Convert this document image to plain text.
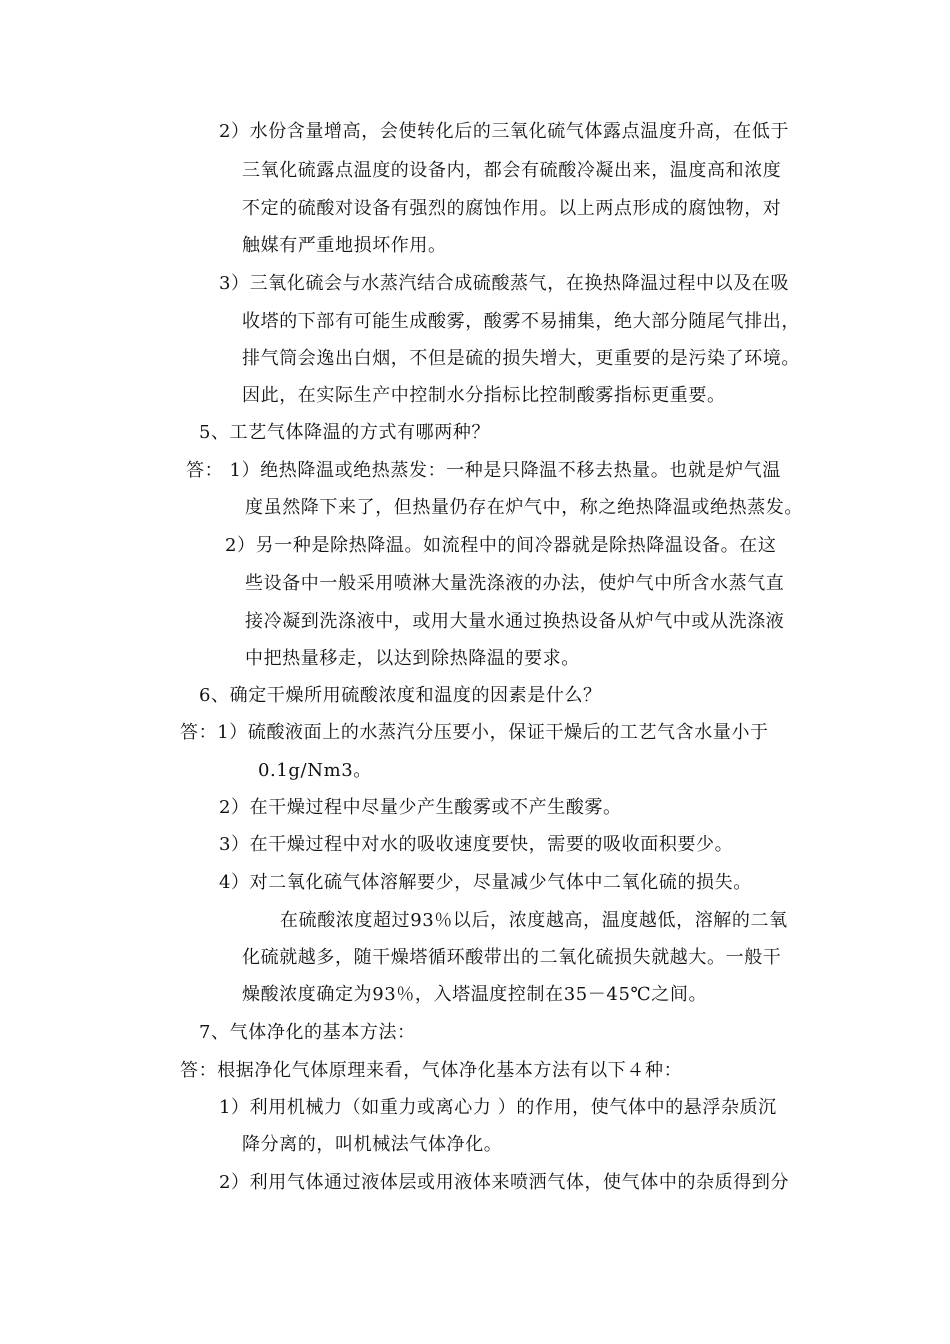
2）水份含量增高，会使转化后的三氧化硫气体露点温度升高，在低于
三氧化硫露点温度的设备内，都会有硫酸冷凝出来，温度高和浓度
不定的硫酸对设备有强烈的腐蚀作用。以上两点形成的腐蚀物，对
触媒有严重地损坏作用。
3）三氧化硫会与水蒸汽结合成硫酸蒸气，在换热降温过程中以及在吸
收塔的下部有可能生成酸雾，酸雾不易捕集，绝大部分随尾气排出，
排气筒会逸出白烟，不但是硫的损失增大，更重要的是污染了环境。
因此，在实际生产中控制水分指标比控制酸雾指标更重要。
5、工艺气体降温的方式有哪两种？
答： 1）绝热降温或绝热蒸发：一种是只降温不移去热量。也就是炉气温
度虽然降下来了，但热量仍存在炉气中，称之绝热降温或绝热蒸发。
2）另一种是除热降温。如流程中的间冷器就是除热降温设备。在这
些设备中一般采用喷淋大量洗涤液的办法，使炉气中所含水蒸气直
接冷凝到洗涤液中，或用大量水通过换热设备从炉气中或从洗涤液
中把热量移走，以达到除热降温的要求。
6、确定干燥所用硫酸浓度和温度的因素是什么？
答：1）硫酸液面上的水蒸汽分压要小，保证干燥后的工艺气含水量小于
0.1g/Nm3。
2）在干燥过程中尽量少产生酸雾或不产生酸雾。
3）在干燥过程中对水的吸收速度要快，需要的吸收面积要少。
4）对二氧化硫气体溶解要少，尽量减少气体中二氧化硫的损失。
在硫酸浓度超过93％以后，浓度越高，温度越低，溶解的二氧
化硫就越多，随干燥塔循环酸带出的二氧化硫损失就越大。一般干
燥酸浓度确定为93％，入塔温度控制在35－45℃之间。
7、气体净化的基本方法：
答：根据净化气体原理来看，气体净化基本方法有以下４种：
1）利用机械力（如重力或离心力 ）的作用，使气体中的悬浮杂质沉
降分离的，叫机械法气体净化。
2）利用气体通过液体层或用液体来喷洒气体，使气体中的杂质得到分
